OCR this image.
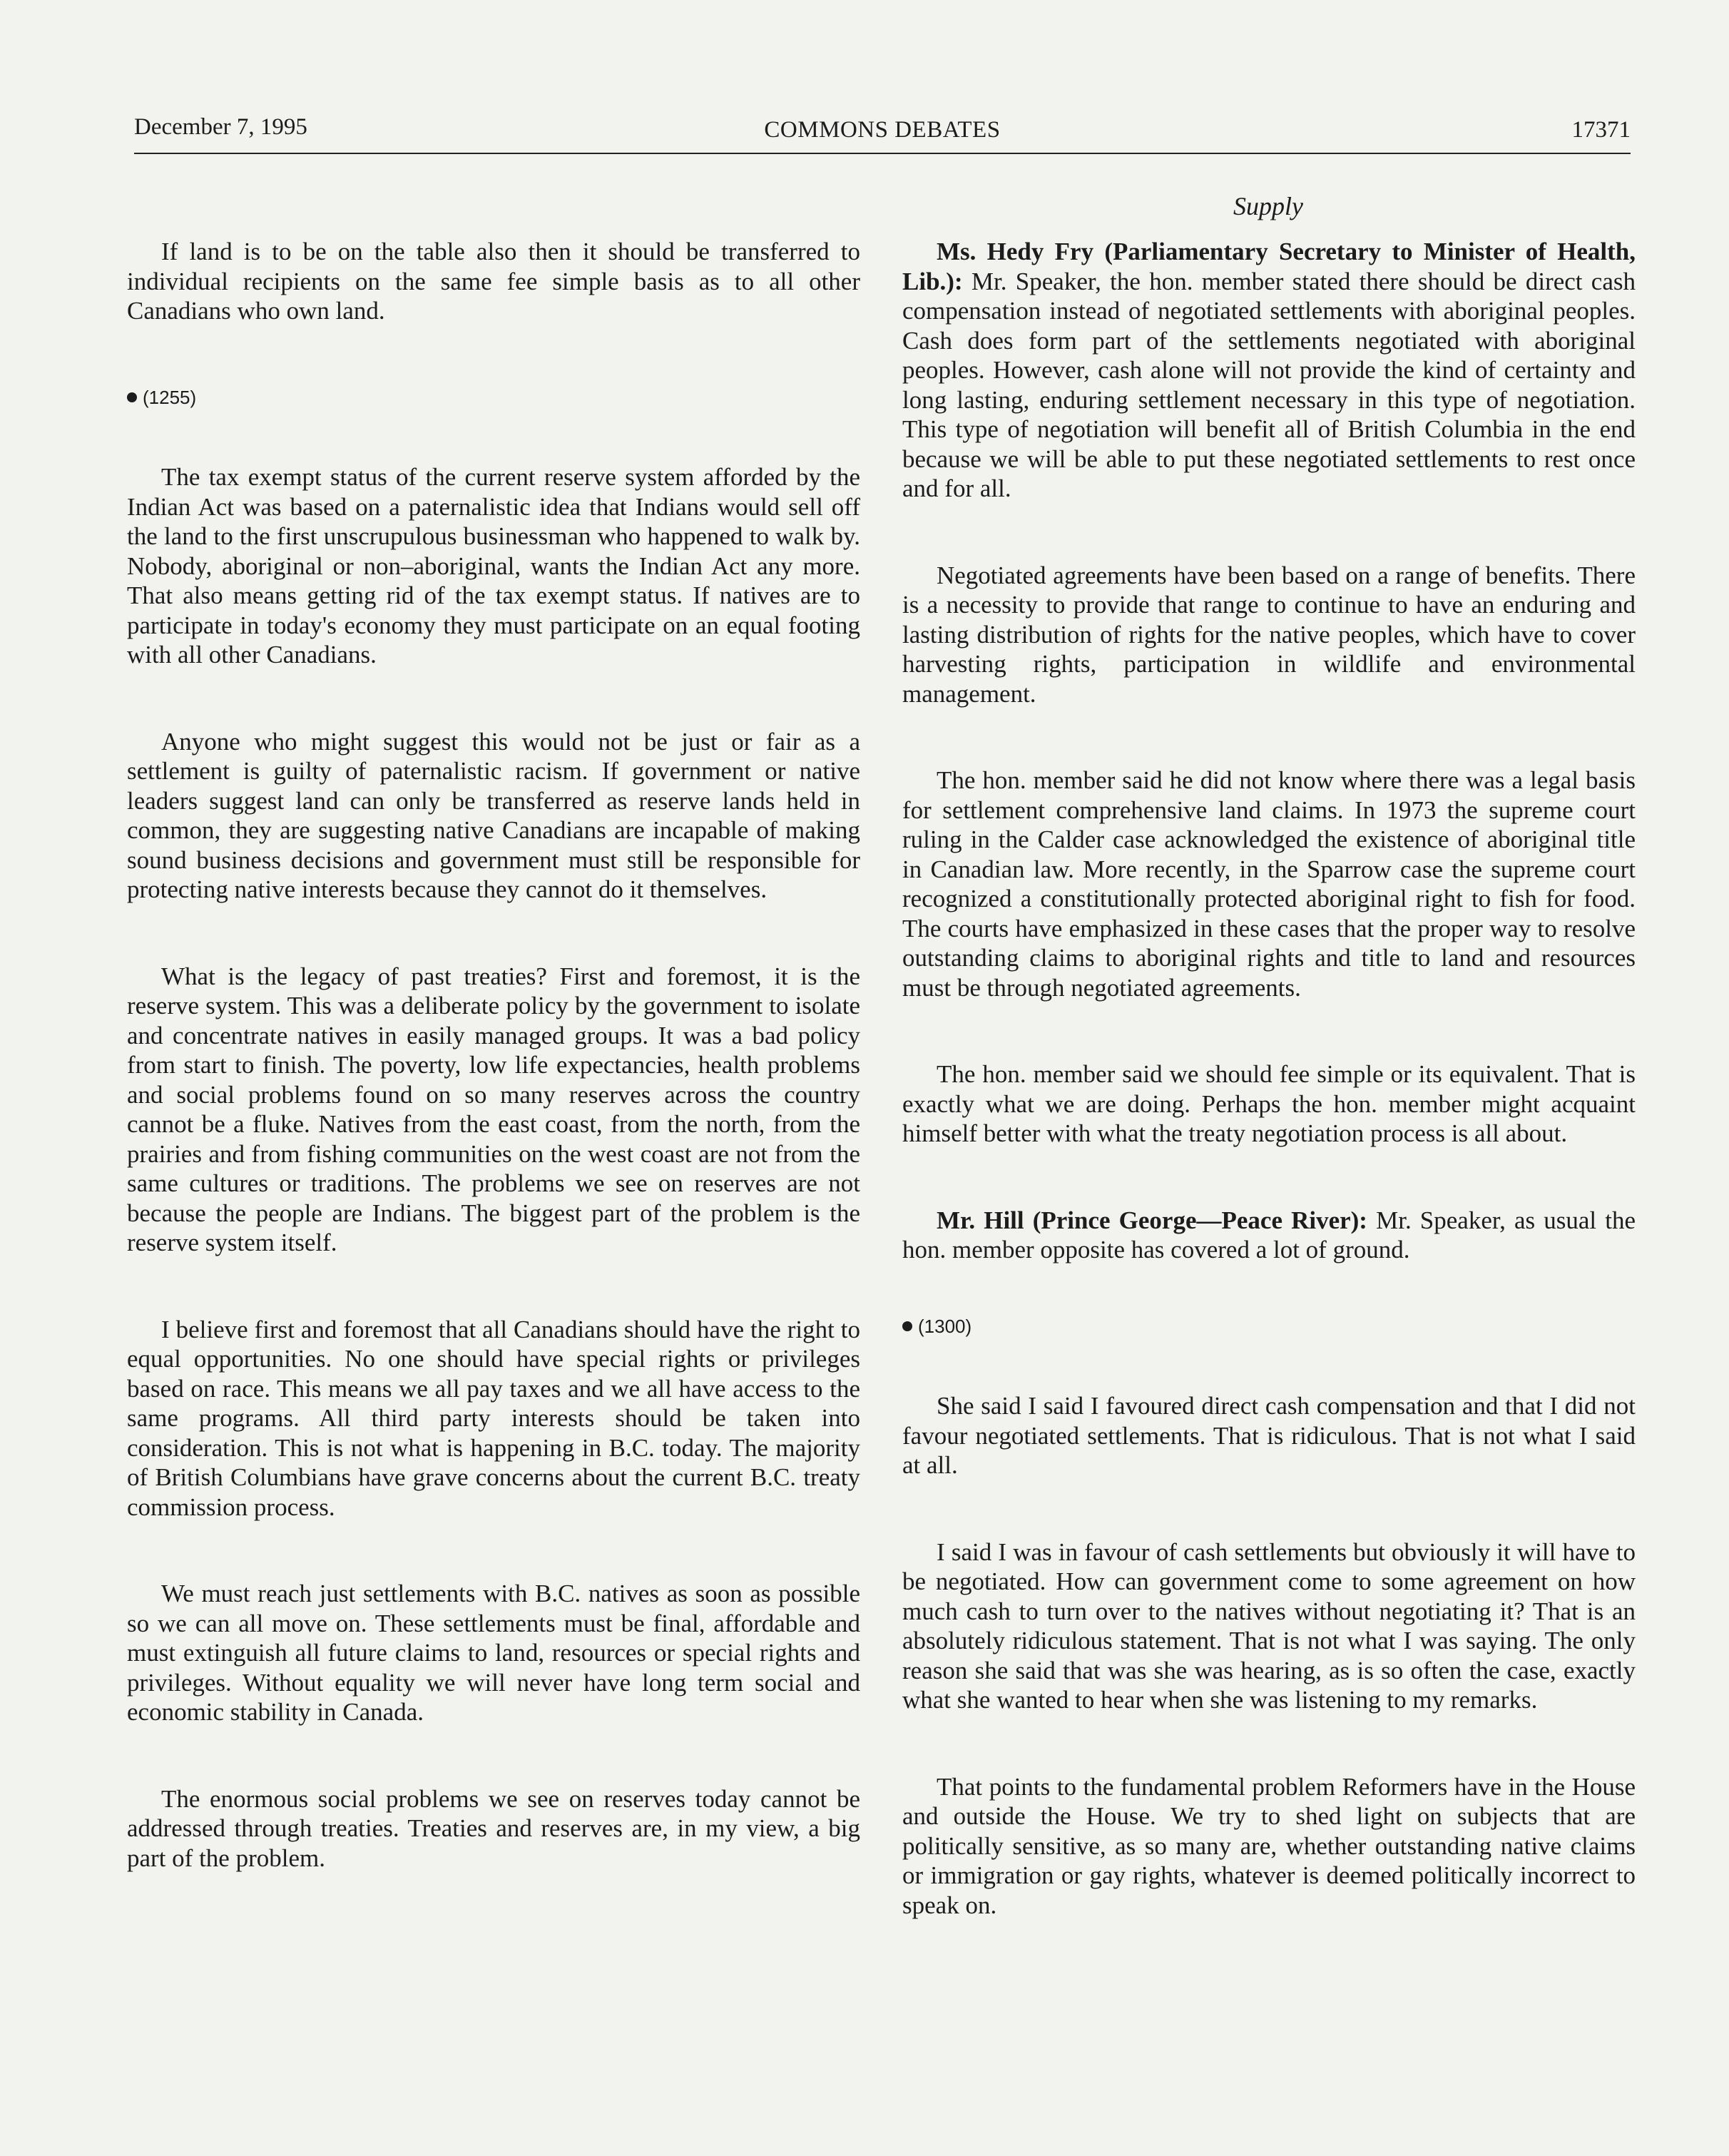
December 7, 1995	COMMONS DEBATES	17371
Supply

If land is to be on the table also then it should be transferred to individual recipients on the same fee simple basis as to all other Canadians who own land.

(1255)

The tax exempt status of the current reserve system afforded by the Indian Act was based on a paternalistic idea that Indians would sell off the land to the first unscrupulous businessman who happened to walk by. Nobody, aboriginal or non–aboriginal, wants the Indian Act any more. That also means getting rid of the tax exempt status. If natives are to participate in today's economy they must participate on an equal footing with all other Canadians.

Anyone who might suggest this would not be just or fair as a settlement is guilty of paternalistic racism. If government or native leaders suggest land can only be transferred as reserve lands held in common, they are suggesting native Canadians are incapable of making sound business decisions and government must still be responsible for protecting native interests because they cannot do it themselves.

What is the legacy of past treaties? First and foremost, it is the reserve system. This was a deliberate policy by the government to isolate and concentrate natives in easily managed groups. It was a bad policy from start to finish. The poverty, low life expectancies, health problems and social problems found on so many reserves across the country cannot be a fluke. Natives from the east coast, from the north, from the prairies and from fishing communities on the west coast are not from the same cultures or traditions. The problems we see on reserves are not because the people are Indians. The biggest part of the problem is the reserve system itself.

I believe first and foremost that all Canadians should have the right to equal opportunities. No one should have special rights or privileges based on race. This means we all pay taxes and we all have access to the same programs. All third party interests should be taken into consideration. This is not what is happening in B.C. today. The majority of British Columbians have grave concerns about the current B.C. treaty commission process.

We must reach just settlements with B.C. natives as soon as possible so we can all move on. These settlements must be final, affordable and must extinguish all future claims to land, resources or special rights and privileges. Without equality we will never have long term social and economic stability in Canada.

The enormous social problems we see on reserves today cannot be addressed through treaties. Treaties and reserves are, in my view, a big part of the problem.

Ms. Hedy Fry (Parliamentary Secretary to Minister of Health, Lib.): Mr. Speaker, the hon. member stated there should be direct cash compensation instead of negotiated settlements with aboriginal peoples. Cash does form part of the settlements negotiated with aboriginal peoples. However, cash alone will not provide the kind of certainty and long lasting, enduring settlement necessary in this type of negotiation. This type of negotiation will benefit all of British Columbia in the end because we will be able to put these negotiated settlements to rest once and for all.

Negotiated agreements have been based on a range of benefits. There is a necessity to provide that range to continue to have an enduring and lasting distribution of rights for the native peoples, which have to cover harvesting rights, participation in wildlife and environmental management.

The hon. member said he did not know where there was a legal basis for settlement comprehensive land claims. In 1973 the supreme court ruling in the Calder case acknowledged the existence of aboriginal title in Canadian law. More recently, in the Sparrow case the supreme court recognized a constitutionally protected aboriginal right to fish for food. The courts have emphasized in these cases that the proper way to resolve outstanding claims to aboriginal rights and title to land and resources must be through negotiated agreements.

The hon. member said we should fee simple or its equivalent. That is exactly what we are doing. Perhaps the hon. member might acquaint himself better with what the treaty negotiation process is all about.

Mr. Hill (Prince George—Peace River): Mr. Speaker, as usual the hon. member opposite has covered a lot of ground.

(1300)

She said I said I favoured direct cash compensation and that I did not favour negotiated settlements. That is ridiculous. That is not what I said at all.

I said I was in favour of cash settlements but obviously it will have to be negotiated. How can government come to some agreement on how much cash to turn over to the natives without negotiating it? That is an absolutely ridiculous statement. That is not what I was saying. The only reason she said that was she was hearing, as is so often the case, exactly what she wanted to hear when she was listening to my remarks.

That points to the fundamental problem Reformers have in the House and outside the House. We try to shed light on subjects that are politically sensitive, as so many are, whether outstanding native claims or immigration or gay rights, whatever is deemed politically incorrect to speak on.
